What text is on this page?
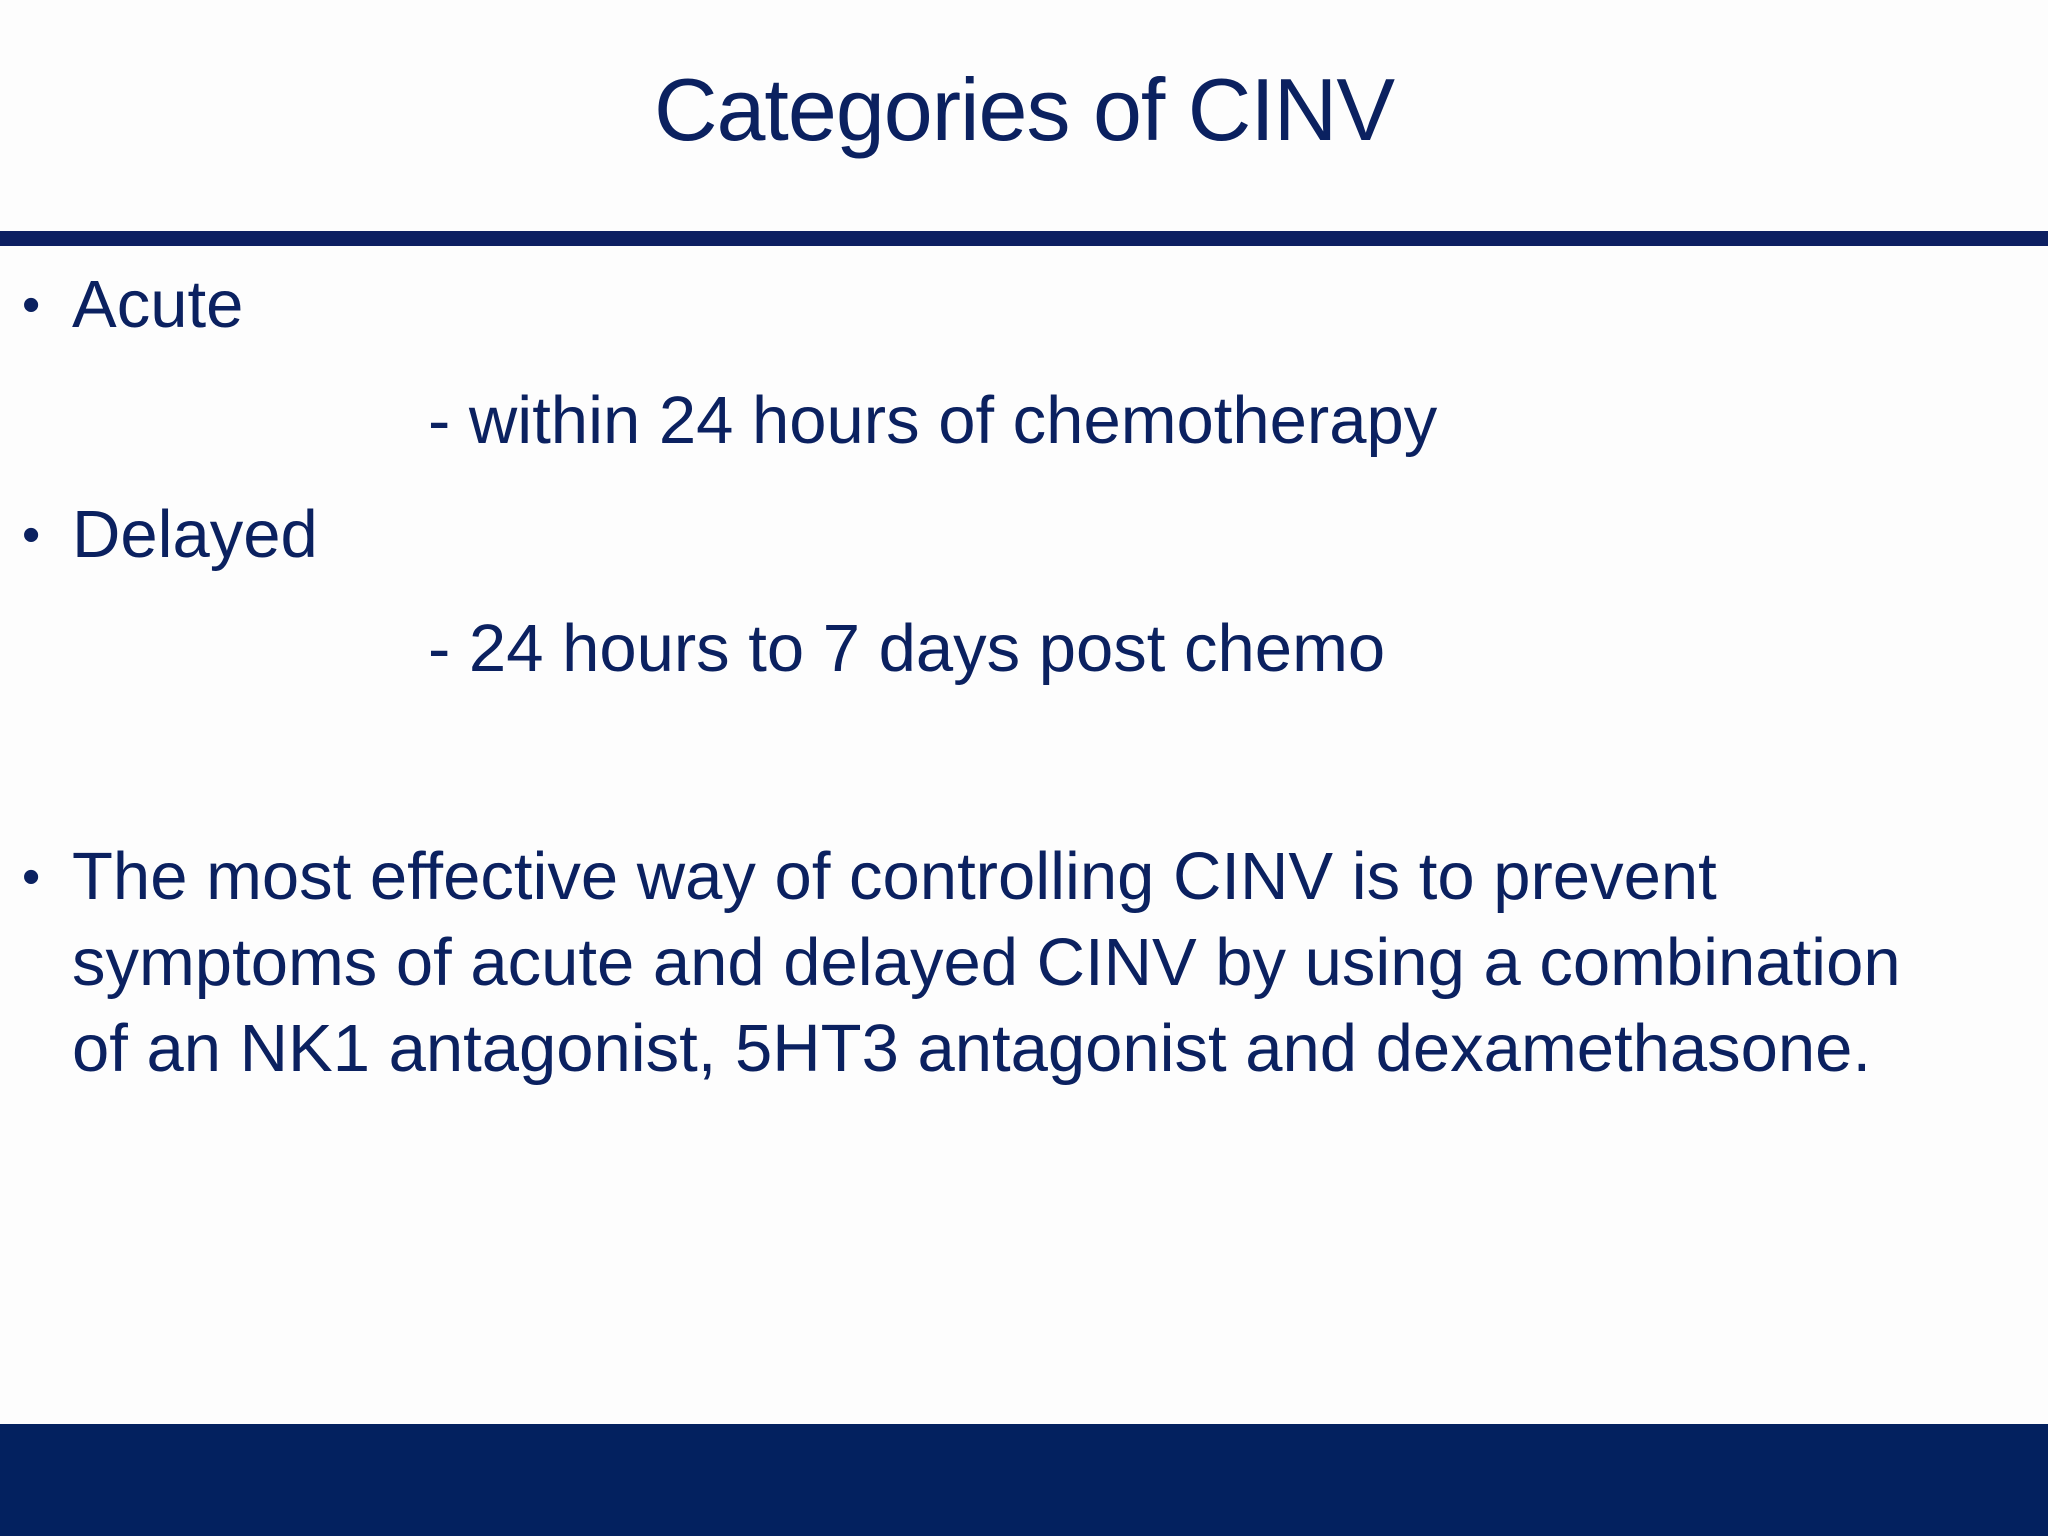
Categories of CINV
• Acute
- within 24 hours of chemotherapy
• Delayed
- 24 hours to 7 days post chemo
• The most effective way of controlling CINV is to prevent symptoms of acute and delayed CINV by using a combination of an NK1 antagonist, 5HT3 antagonist and dexamethasone.
